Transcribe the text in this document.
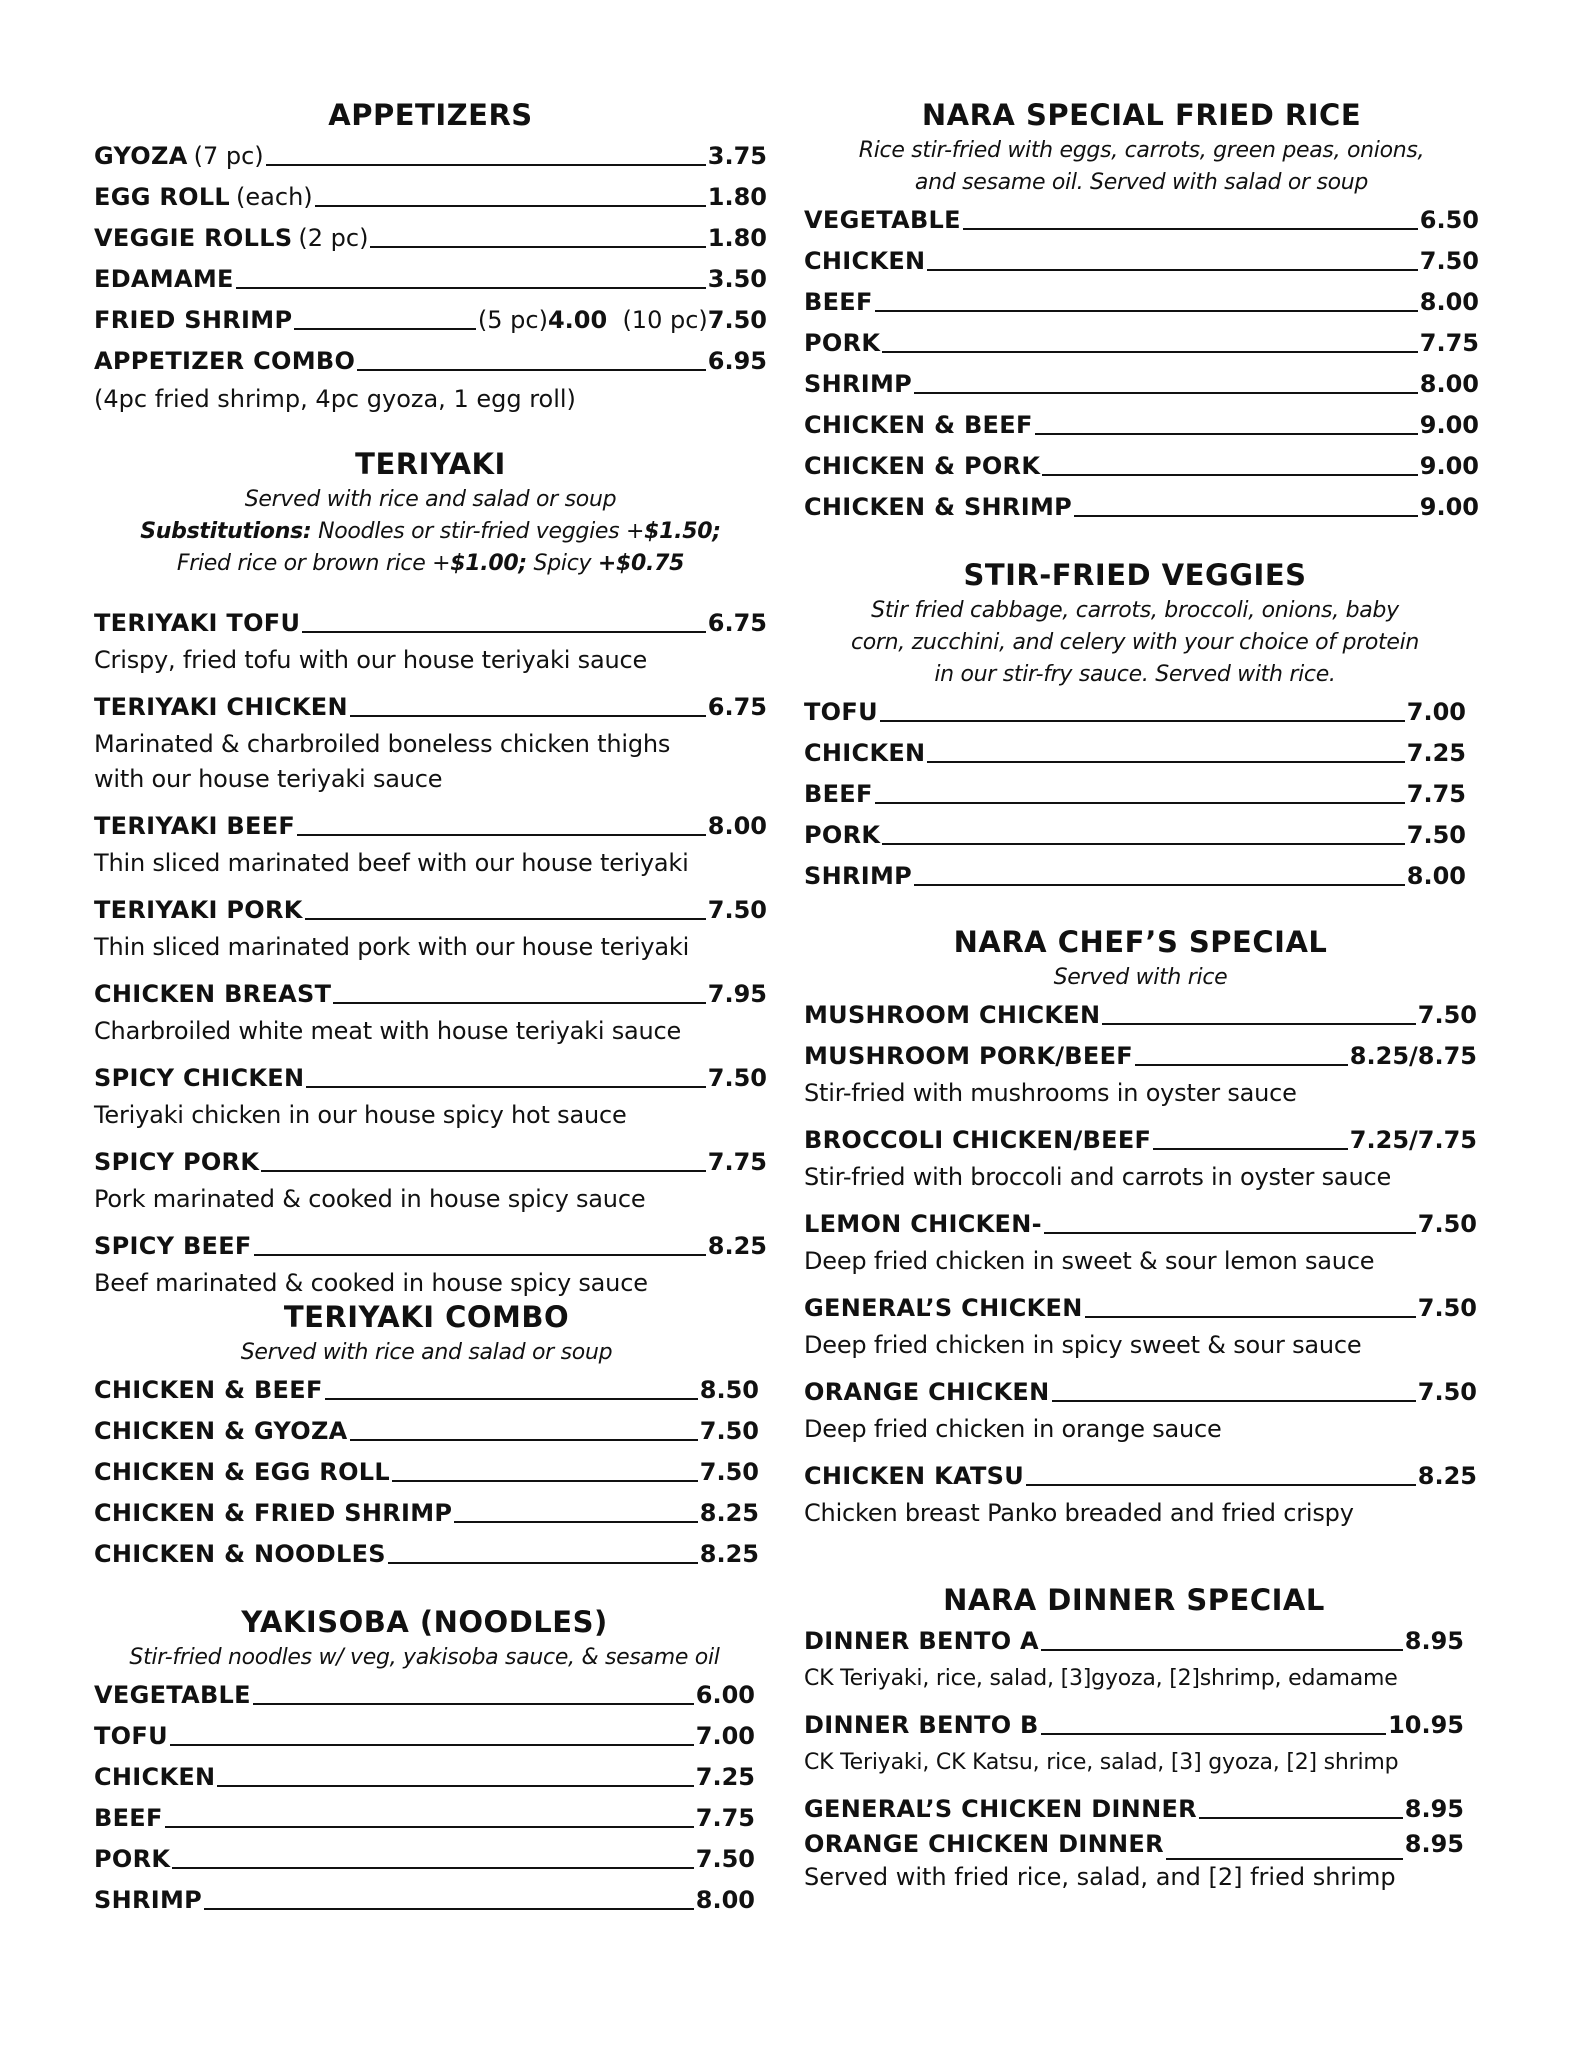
APPETIZERS
GYOZA (7 pc)	3.75
EGG ROLL (each)	1.80
VEGGIE ROLLS (2 pc)	1.80
EDAMAME	3.50
FRIED SHRIMP	(5 pc) 4.00 (10 pc) 7.50
APPETIZER COMBO	6.95
(4pc fried shrimp, 4pc gyoza, 1 egg roll)
TERIYAKI
Served with rice and salad or soup
Substitutions: Noodles or stir-fried veggies +$1.50;
Fried rice or brown rice +$1.00; Spicy +$0.75
TERIYAKI TOFU	6.75
Crispy, fried tofu with our house teriyaki sauce
TERIYAKI CHICKEN	6.75
Marinated & charbroiled boneless chicken thighs
with our house teriyaki sauce
TERIYAKI BEEF	8.00
Thin sliced marinated beef with our house teriyaki
TERIYAKI PORK	7.50
Thin sliced marinated pork with our house teriyaki
CHICKEN BREAST	7.95
Charbroiled white meat with house teriyaki sauce
SPICY CHICKEN	7.50
Teriyaki chicken in our house spicy hot sauce
SPICY PORK	7.75
Pork marinated & cooked in house spicy sauce
SPICY BEEF	8.25
Beef marinated & cooked in house spicy sauce
TERIYAKI COMBO
Served with rice and salad or soup
CHICKEN & BEEF	8.50
CHICKEN & GYOZA	7.50
CHICKEN & EGG ROLL	7.50
CHICKEN & FRIED SHRIMP	8.25
CHICKEN & NOODLES	8.25
YAKISOBA (NOODLES)
Stir-fried noodles w/ veg, yakisoba sauce, & sesame oil
VEGETABLE	6.00
TOFU	7.00
CHICKEN	7.25
BEEF	7.75
PORK	7.50
SHRIMP	8.00
NARA SPECIAL FRIED RICE
Rice stir-fried with eggs, carrots, green peas, onions,
and sesame oil. Served with salad or soup
VEGETABLE	6.50
CHICKEN	7.50
BEEF	8.00
PORK	7.75
SHRIMP	8.00
CHICKEN & BEEF	9.00
CHICKEN & PORK	9.00
CHICKEN & SHRIMP	9.00
STIR-FRIED VEGGIES
Stir fried cabbage, carrots, broccoli, onions, baby
corn, zucchini, and celery with your choice of protein
in our stir-fry sauce. Served with rice.
TOFU	7.00
CHICKEN	7.25
BEEF	7.75
PORK	7.50
SHRIMP	8.00
NARA CHEF’S SPECIAL
Served with rice
MUSHROOM CHICKEN	7.50
MUSHROOM PORK/BEEF	8.25/8.75
Stir-fried with mushrooms in oyster sauce
BROCCOLI CHICKEN/BEEF	7.25/7.75
Stir-fried with broccoli and carrots in oyster sauce
LEMON CHICKEN-	7.50
Deep fried chicken in sweet & sour lemon sauce
GENERAL’S CHICKEN	7.50
Deep fried chicken in spicy sweet & sour sauce
ORANGE CHICKEN	7.50
Deep fried chicken in orange sauce
CHICKEN KATSU	8.25
Chicken breast Panko breaded and fried crispy
NARA DINNER SPECIAL
DINNER BENTO A	8.95
CK Teriyaki, rice, salad, [3]gyoza, [2]shrimp, edamame
DINNER BENTO B	10.95
CK Teriyaki, CK Katsu, rice, salad, [3] gyoza, [2] shrimp
GENERAL’S CHICKEN DINNER	8.95
ORANGE CHICKEN DINNER	8.95
Served with fried rice, salad, and [2] fried shrimp
